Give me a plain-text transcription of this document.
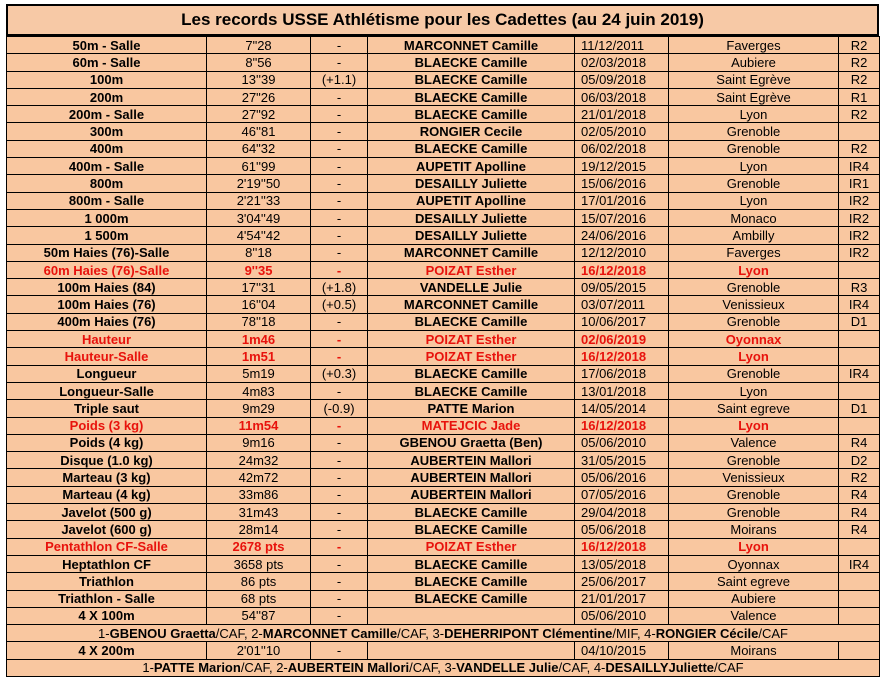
Les records USSE Athlétisme pour les Cadettes (au 24 juin 2019)
50m - Salle	7"28	-	MARCONNET Camille	11/12/2011	Faverges	R2
60m - Salle	8"56	-	BLAECKE Camille	02/03/2018	Aubiere	R2
100m	13''39	(+1.1)	BLAECKE Camille	05/09/2018	Saint Egrève	R2
200m	27"26	-	BLAECKE Camille	06/03/2018	Saint Egrève	R1
200m - Salle	27"92	-	BLAECKE Camille	21/01/2018	Lyon	R2
300m	46''81	-	RONGIER Cecile	02/05/2010	Grenoble	
400m	64"32	-	BLAECKE Camille	06/02/2018	Grenoble	R2
400m - Salle	61''99	-	AUPETIT Apolline	19/12/2015	Lyon	IR4
800m	2'19''50	-	DESAILLY Juliette	15/06/2016	Grenoble	IR1
800m - Salle	2'21''33	-	AUPETIT Apolline	17/01/2016	Lyon	IR2
1 000m	3'04''49	-	DESAILLY Juliette	15/07/2016	Monaco	IR2
1 500m	4'54''42	-	DESAILLY Juliette	24/06/2016	Ambilly	IR2
50m Haies (76)-Salle	8''18	-	MARCONNET Camille	12/12/2010	Faverges	IR2
60m Haies (76)-Salle	9''35	-	POIZAT Esther	16/12/2018	Lyon	
100m Haies (84)	17''31	(+1.8)	VANDELLE Julie	09/05/2015	Grenoble	R3
100m Haies (76)	16''04	(+0.5)	MARCONNET Camille	03/07/2011	Venissieux	IR4
400m Haies (76)	78''18	-	BLAECKE Camille	10/06/2017	Grenoble	D1
Hauteur	1m46	-	POIZAT Esther	02/06/2019	Oyonnax	
Hauteur-Salle	1m51	-	POIZAT Esther	16/12/2018	Lyon	
Longueur	5m19	(+0.3)	BLAECKE Camille	17/06/2018	Grenoble	IR4
Longueur-Salle	4m83	-	BLAECKE Camille	13/01/2018	Lyon	
Triple saut	9m29	(-0.9)	PATTE Marion	14/05/2014	Saint egreve	D1
Poids (3 kg)	11m54	-	MATEJCIC Jade	16/12/2018	Lyon	
Poids (4 kg)	9m16	-	GBENOU Graetta (Ben)	05/06/2010	Valence	R4
Disque (1.0 kg)	24m32	-	AUBERTEIN Mallori	31/05/2015	Grenoble	D2
Marteau (3 kg)	42m72	-	AUBERTEIN Mallori	05/06/2016	Venissieux	R2
Marteau (4 kg)	33m86	-	AUBERTEIN Mallori	07/05/2016	Grenoble	R4
Javelot (500 g)	31m43	-	BLAECKE Camille	29/04/2018	Grenoble	R4
Javelot (600 g)	28m14	-	BLAECKE Camille	05/06/2018	Moirans	R4
Pentathlon CF-Salle	2678 pts	-	POIZAT Esther	16/12/2018	Lyon	
Heptathlon CF	3658 pts	-	BLAECKE Camille	13/05/2018	Oyonnax	IR4
Triathlon	86 pts	-	BLAECKE Camille	25/06/2017	Saint egreve	
Triathlon - Salle	68 pts	-	BLAECKE Camille	21/01/2017	Aubiere	
4 X 100m	54''87	-		05/06/2010	Valence	
1-GBENOU Graetta/CAF, 2-MARCONNET Camille/CAF, 3-DEHERRIPONT Clémentine/MIF, 4-RONGIER Cécile/CAF						
4 X 200m	2'01''10	-		04/10/2015	Moirans	
1-PATTE Marion/CAF, 2-AUBERTEIN Mallori/CAF, 3-VANDELLE Julie/CAF, 4-DESAILLYJuliette/CAF						
